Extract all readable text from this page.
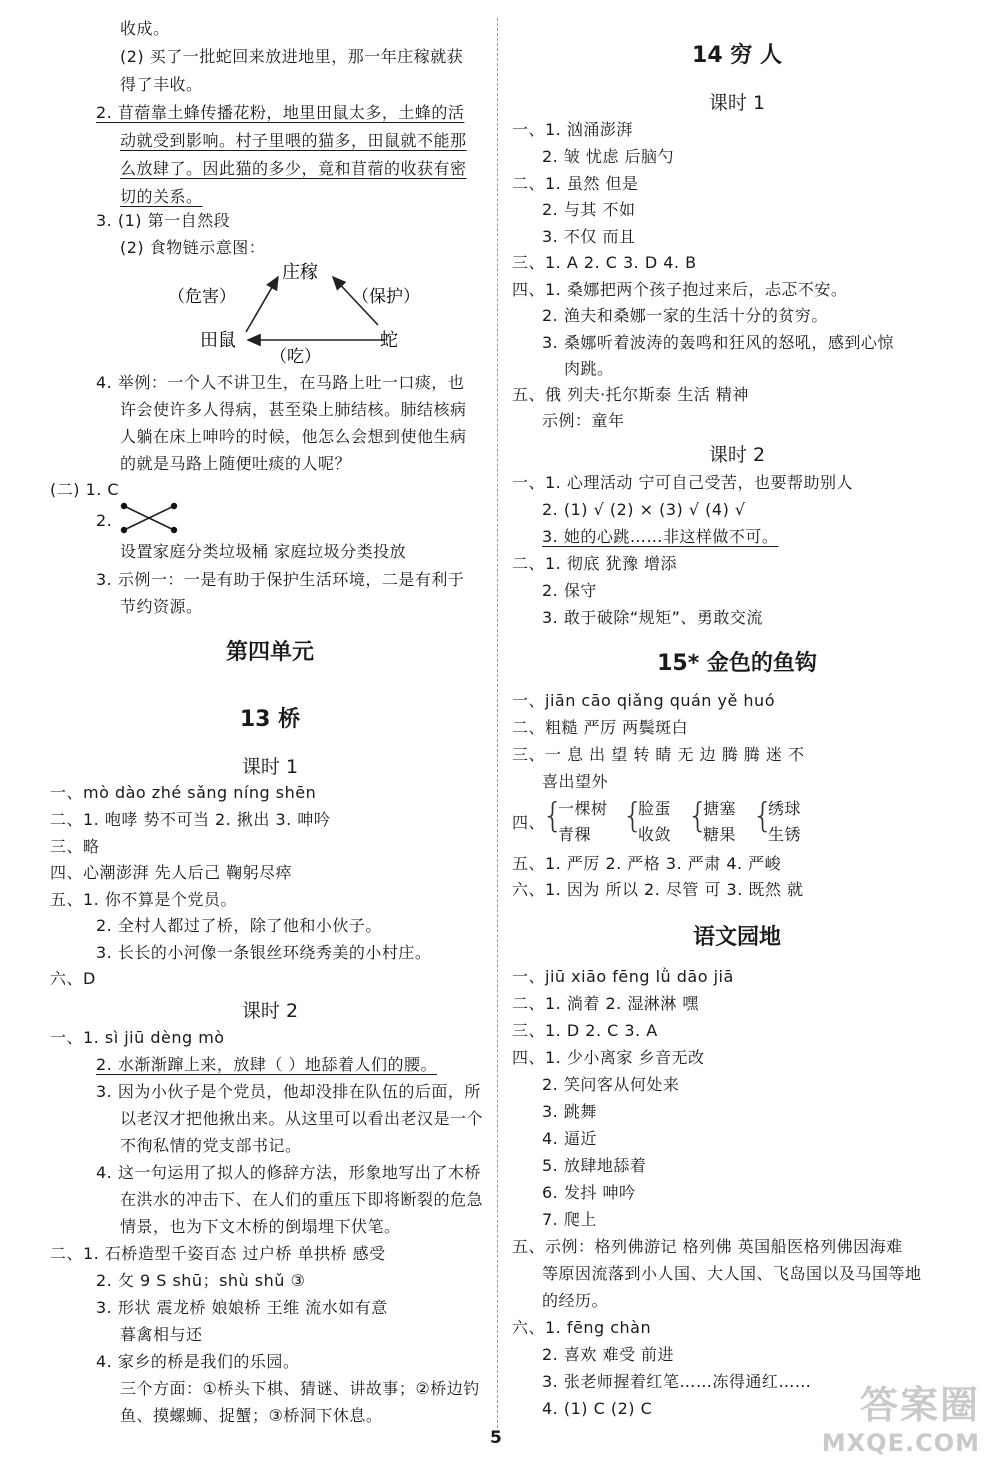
收成。
(2) 买了一批蛇回来放进地里，那一年庄稼就获
得了丰收。
2. 苜蓿靠土蜂传播花粉，地里田鼠太多，土蜂的活
动就受到影响。村子里喂的猫多，田鼠就不能那
么放肆了。因此猫的多少，竟和苜蓿的收获有密
切的关系。
3. (1) 第一自然段
(2) 食物链示意图：
庄稼
田鼠	蛇
（危害）	（保护）
（吃）
4. 举例：一个人不讲卫生，在马路上吐一口痰，也
许会使许多人得病，甚至染上肺结核。肺结核病
人躺在床上呻吟的时候，他怎么会想到使他生病
的就是马路上随便吐痰的人呢？
(二) 1. C
2.
设置家庭分类垃圾桶 家庭垃圾分类投放
3. 示例一：一是有助于保护生活环境，二是有利于
节约资源。
第四单元
13 桥
课时 1
一、mò dào zhé sǎng níng shēn
二、1. 咆哮 势不可当 2. 揪出 3. 呻吟
三、略
四、心潮澎湃 先人后己 鞠躬尽瘁
五、1. 你不算是个党员。
2. 全村人都过了桥，除了他和小伙子。
3. 长长的小河像一条银丝环绕秀美的小村庄。
六、D
课时 2
一、1. sì jiū dèng mò
2. 水渐渐蹿上来，放肆（ ）地舔着人们的腰。
3. 因为小伙子是个党员，他却没排在队伍的后面，所
以老汉才把他揪出来。从这里可以看出老汉是一个
不徇私情的党支部书记。
4. 这一句运用了拟人的修辞方法，形象地写出了木桥
在洪水的冲击下、在人们的重压下即将断裂的危急
情景，也为下文木桥的倒塌埋下伏笔。
二、1. 石桥造型千姿百态 过户桥 单拱桥 感受
2. 攵 9 S shū；shù shǔ ③
3. 形状 震龙桥 娘娘桥 王维 流水如有意
暮禽相与还
4. 家乡的桥是我们的乐园。
三个方面：①桥头下棋、猜谜、讲故事；②桥边钓
鱼、摸螺蛳、捉蟹；③桥洞下休息。
14 穷 人
课时 1
一、1. 汹涌澎湃
2. 皱 忧虑 后脑勺
二、1. 虽然 但是
2. 与其 不如
3. 不仅 而且
三、1. A 2. C 3. D 4. B
四、1. 桑娜把两个孩子抱过来后，忐忑不安。
2. 渔夫和桑娜一家的生活十分的贫穷。
3. 桑娜听着波涛的轰鸣和狂风的怒吼，感到心惊
肉跳。
五、俄 列夫·托尔斯泰 生活 精神
示例：童年
课时 2
一、1. 心理活动 宁可自己受苦，也要帮助别人
2. (1) √ (2) × (3) √ (4) √
3. 她的心跳……非这样做不可。
二、1. 彻底 犹豫 增添
2. 保守
3. 敢于破除“规矩”、勇敢交流
15* 金色的鱼钩
一、jiān cāo qiǎng quán yě huó
二、粗糙 严厉 两鬓斑白
三、一 息 出 望 转 睛 无 边 腾 腾 迷 不
喜出望外
四、
{
一棵树
青稞 {
脸蛋
收敛 {
搪塞
糖果 {
绣球
生锈
五、1. 严厉 2. 严格 3. 严肃 4. 严峻
六、1. 因为 所以 2. 尽管 可 3. 既然 就
语文园地
一、jiū xiāo fēng lǜ dāo jiā
二、1. 淌着 2. 湿淋淋 嘿
三、1. D 2. C 3. A
四、1. 少小离家 乡音无改
2. 笑问客从何处来
3. 跳舞
4. 逼近
5. 放肆地舔着
6. 发抖 呻吟
7. 爬上
五、示例：格列佛游记 格列佛 英国船医格列佛因海难
等原因流落到小人国、大人国、飞岛国以及马国等地
的经历。
六、1. fēng chàn
2. 喜欢 难受 前进
3. 张老师握着红笔……冻得通红……
4. (1) C (2) C
5
答案圈
MXQE.COM
